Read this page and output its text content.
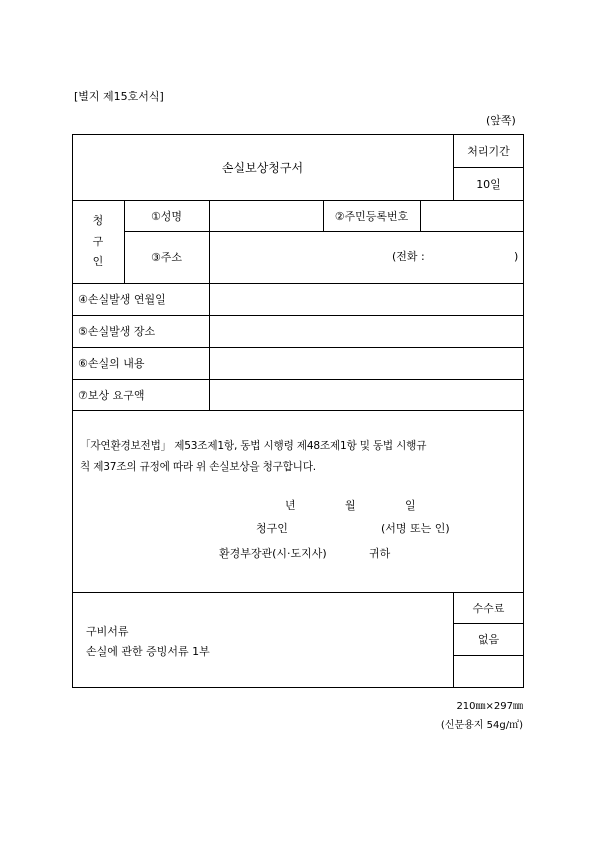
[별지 제15호서식]
(앞쪽)
손실보상청구서
처리기간
10일
청
구
인
①성명	②주민등록번호
③주소	(전화 :	)
④손실발생 연월일
⑤손실발생 장소
⑥손실의 내용
⑦보상 요구액
「자연환경보전법」 제53조제1항, 동법 시행령 제48조제1항 및 동법 시행규
칙 제37조의 규정에 따라 위 손실보상을 청구합니다.
년	월	일
청구인	(서명 또는 인)
환경부장관(시·도지사)	귀하
구비서류
손실에 관한 증빙서류 1부
수수료
없음
210㎜×297㎜
(신문용지 54g/㎡)
